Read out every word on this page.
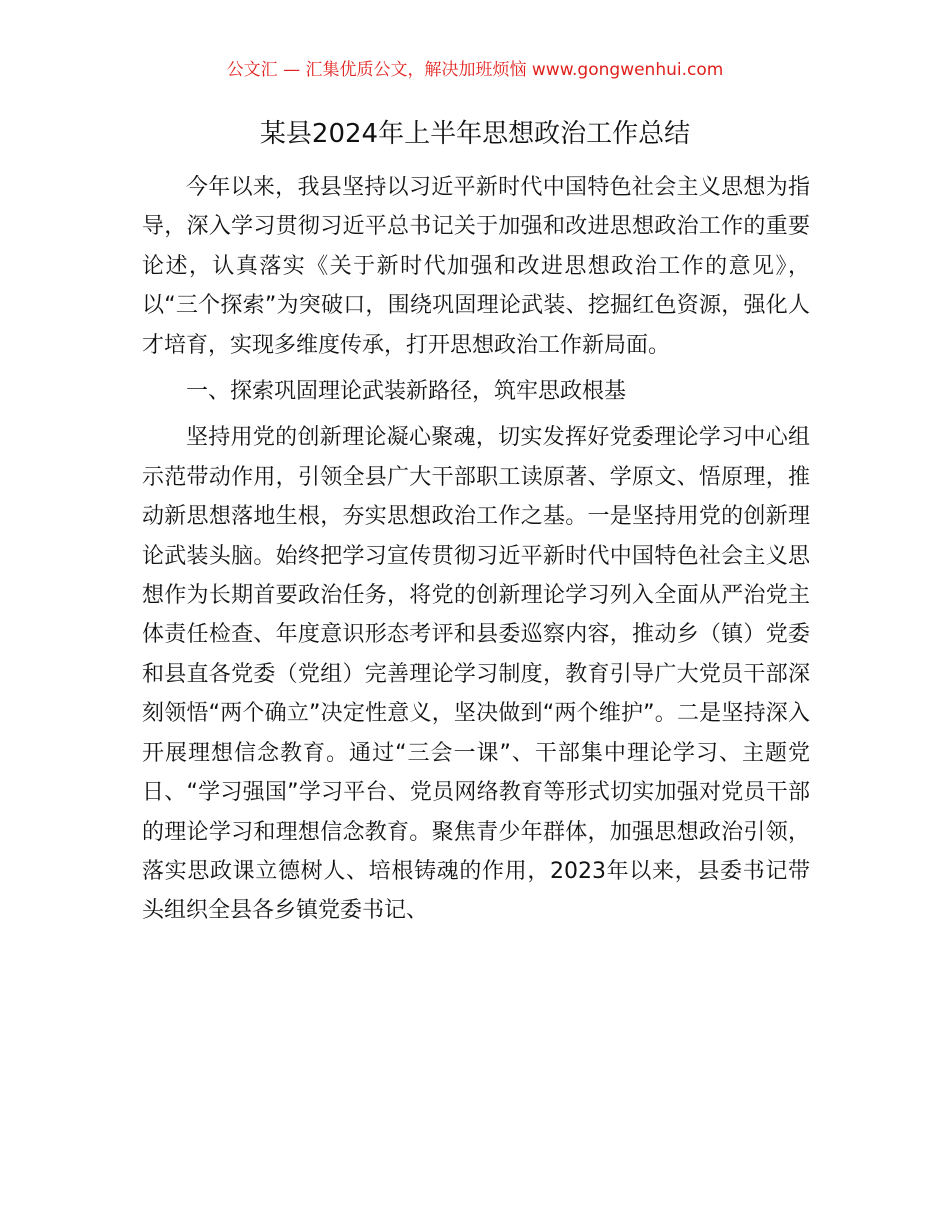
公文汇 — 汇集优质公文，解决加班烦恼 www.gongwenhui.com
某县2024年上半年思想政治工作总结

今年以来，我县坚持以习近平新时代中国特色社会主义思想为指导，深入学习贯彻习近平总书记关于加强和改进思想政治工作的重要论述，认真落实《关于新时代加强和改进思想政治工作的意见》，以“三个探索”为突破口，围绕巩固理论武装、挖掘红色资源，强化人才培育，实现多维度传承，打开思想政治工作新局面。

一、探索巩固理论武装新路径，筑牢思政根基

坚持用党的创新理论凝心聚魂，切实发挥好党委理论学习中心组示范带动作用，引领全县广大干部职工读原著、学原文、悟原理，推动新思想落地生根，夯实思想政治工作之基。一是坚持用党的创新理论武装头脑。始终把学习宣传贯彻习近平新时代中国特色社会主义思想作为长期首要政治任务，将党的创新理论学习列入全面从严治党主体责任检查、年度意识形态考评和县委巡察内容，推动乡（镇）党委和县直各党委（党组）完善理论学习制度，教育引导广大党员干部深刻领悟“两个确立”决定性意义，坚决做到“两个维护”。二是坚持深入开展理想信念教育。通过“三会一课”、干部集中理论学习、主题党日、“学习强国”学习平台、党员网络教育等形式切实加强对党员干部的理论学习和理想信念教育。聚焦青少年群体，加强思想政治引领，落实思政课立德树人、培根铸魂的作用，2023年以来，县委书记带头组织全县各乡镇党委书记、
